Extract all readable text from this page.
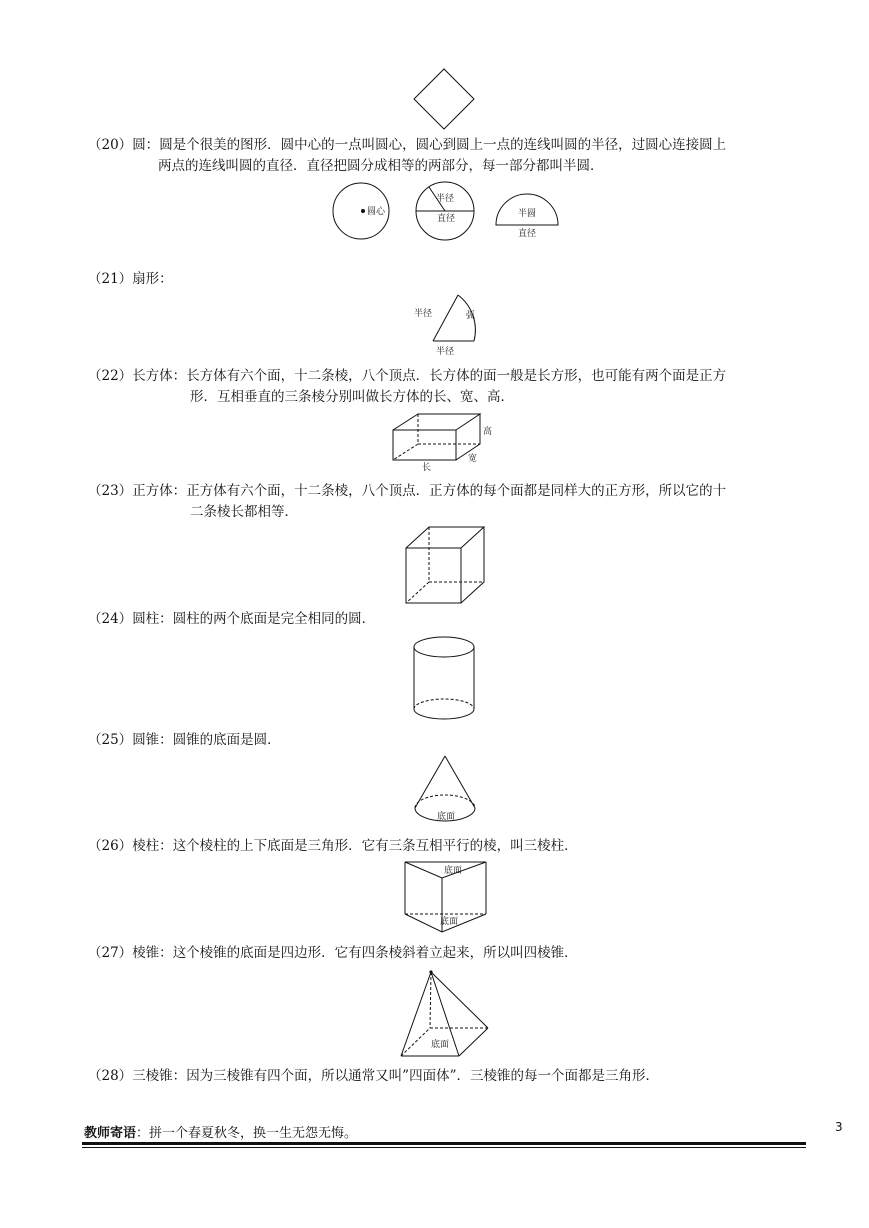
（20）圆：圆是个很美的图形．圆中心的一点叫圆心，圆心到圆上一点的连线叫圆的半径，过圆心连接圆上
两点的连线叫圆的直径．直径把圆分成相等的两部分，每一部分都叫半圆．
圆心
半径
直径	半圆
直径
（21）扇形：
半径	弧
半径
（22）长方体：长方体有六个面，十二条棱，八个顶点．长方体的面一般是长方形，也可能有两个面是正方
形．互相垂直的三条棱分别叫做长方体的长、宽、高．
高
长
宽
（23）正方体：正方体有六个面，十二条棱，八个顶点．正方体的每个面都是同样大的正方形，所以它的十
二条棱长都相等．
（24）圆柱：圆柱的两个底面是完全相同的圆．
（25）圆锥：圆锥的底面是圆．
底面
（26）棱柱：这个棱柱的上下底面是三角形．它有三条互相平行的棱，叫三棱柱．
底面
底面
（27）棱锥：这个棱锥的底面是四边形．它有四条棱斜着立起来，所以叫四棱锥．
底面
（28）三棱锥：因为三棱锥有四个面，所以通常又叫”四面体”．三棱锥的每一个面都是三角形．
教师寄语：拼一个春夏秋冬，换一生无怨无悔。	3
